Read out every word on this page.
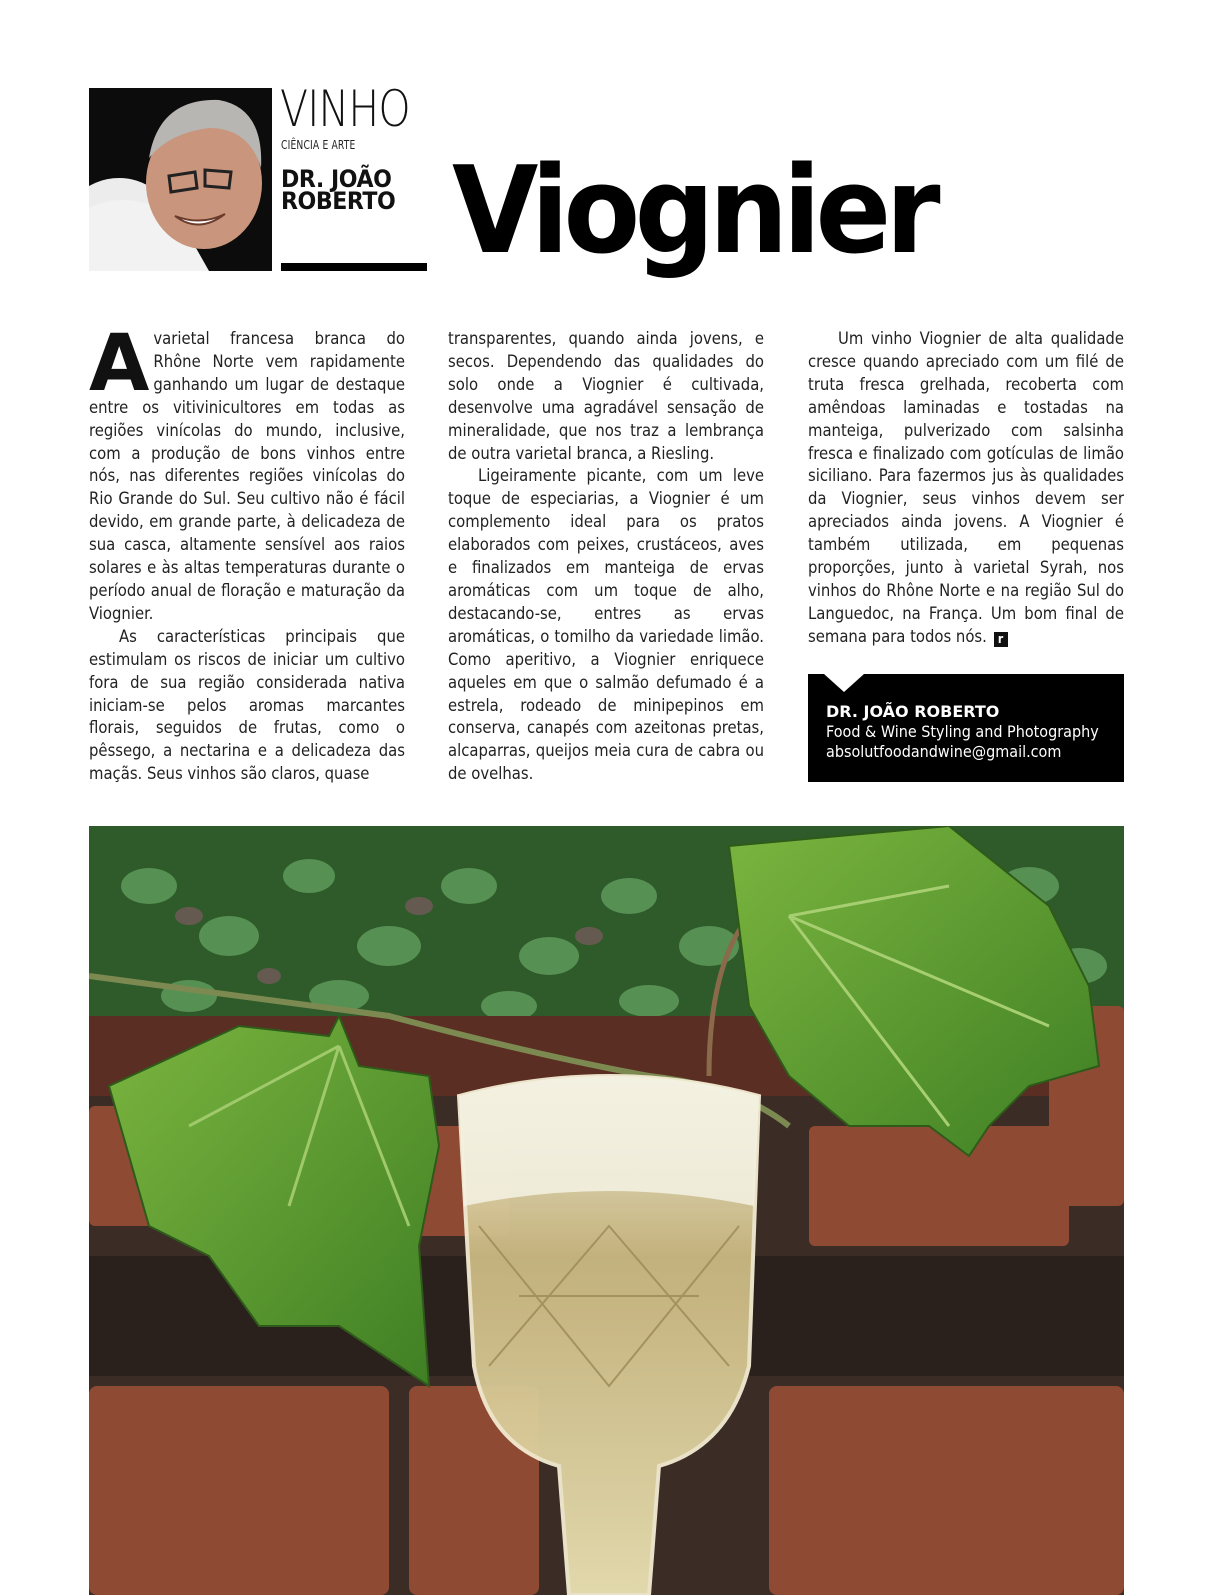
VINHO
CIÊNCIA E ARTE
DR. JOÃO
ROBERTO Viognier

A varietal francesa branca do Rhône Norte vem rapidamente ganhando um lugar de destaque entre os vitivinicultores em todas as regiões vinícolas do mundo, inclusive, com a produção de bons vinhos entre nós, nas diferentes regiões vinícolas do Rio Grande do Sul. Seu cultivo não é fácil devido, em grande parte, à delicadeza de sua casca, altamente sensível aos raios solares e às altas temperaturas durante o período anual de floração e maturação da Viognier.

As características principais que estimulam os riscos de iniciar um cultivo fora de sua região considerada nativa iniciam-se pelos aromas marcantes florais, seguidos de frutas, como o pêssego, a nectarina e a delicadeza das maçãs. Seus vinhos são claros, quase

transparentes, quando ainda jovens, e secos. Dependendo das qualidades do solo onde a Viognier é cultivada, desenvolve uma agradável sensação de mineralidade, que nos traz a lembrança de outra varietal branca, a Riesling.

Ligeiramente picante, com um leve toque de especiarias, a Viognier é um complemento ideal para os pratos elaborados com peixes, crustáceos, aves e finalizados em manteiga de ervas aromáticas com um toque de alho, destacando-se, entres as ervas aromáticas, o tomilho da variedade limão. Como aperitivo, a Viognier enriquece aqueles em que o salmão defumado é a estrela, rodeado de minipepinos em conserva, canapés com azeitonas pretas, alcaparras, queijos meia cura de cabra ou de ovelhas.

Um vinho Viognier de alta qualidade cresce quando apreciado com um filé de truta fresca grelhada, recoberta com amêndoas laminadas e tostadas na manteiga, pulverizado com salsinha fresca e finalizado com gotículas de limão siciliano. Para fazermos jus às qualidades da Viognier, seus vinhos devem ser apreciados ainda jovens. A Viognier é também utilizada, em pequenas proporções, junto à varietal Syrah, nos vinhos do Rhône Norte e na região Sul do Languedoc, na França. Um bom final de semana para todos nós. r

DR. JOÃO ROBERTO
Food & Wine Styling and Photography
absolutfoodandwine@gmail.com
